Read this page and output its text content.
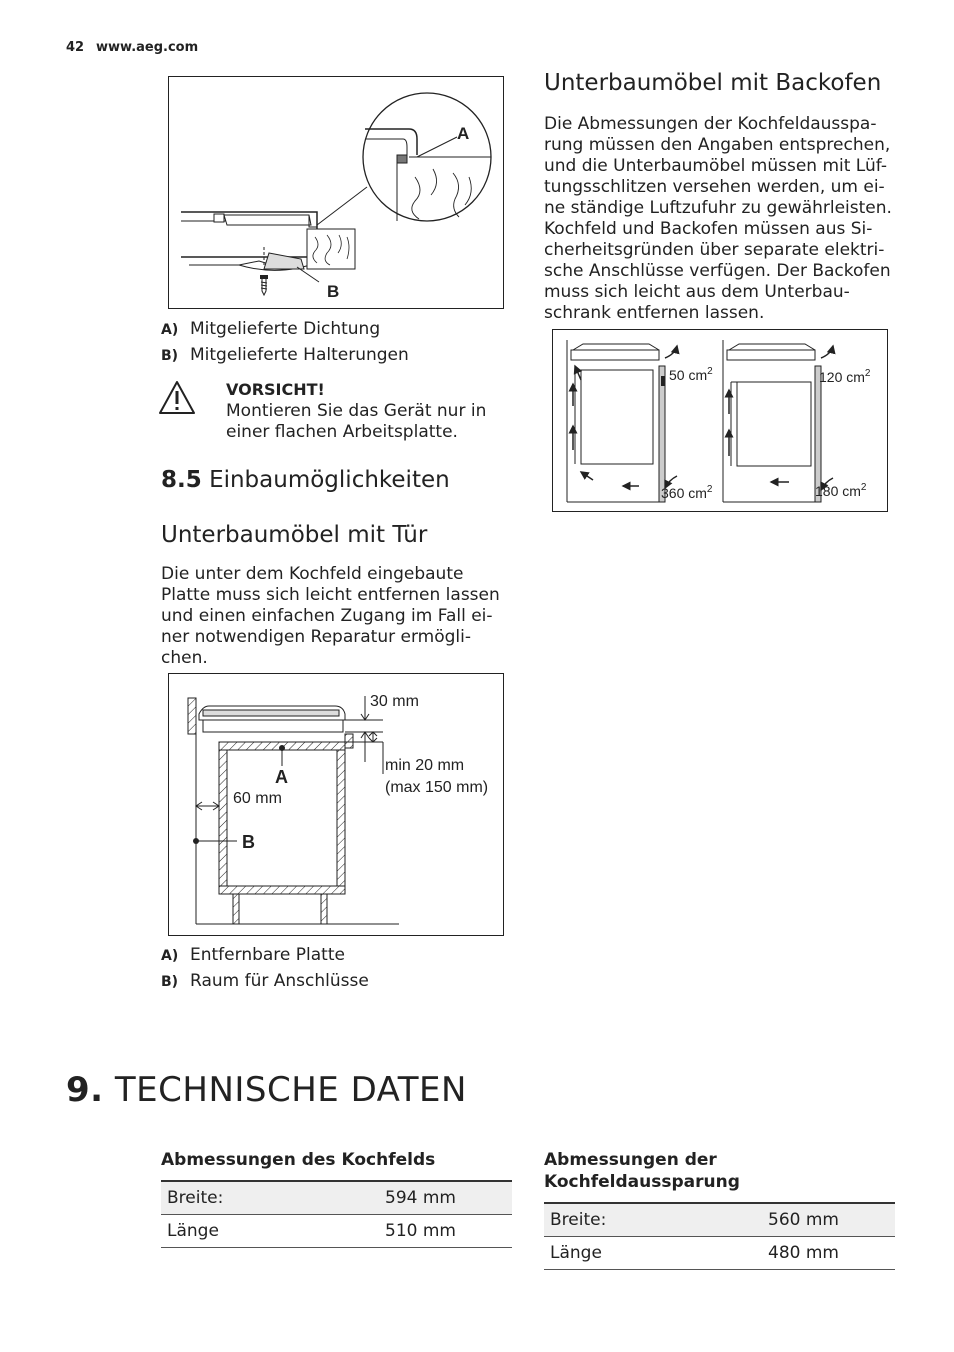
42 www.aeg.com
A
B
A) Mitgelieferte Dichtung
B) Mitgelieferte Halterungen
VORSICHT!
Montieren Sie das Gerät nur in
einer flachen Arbeitsplatte.
8.5 Einbaumöglichkeiten
Unterbaumöbel mit Tür
Die unter dem Kochfeld eingebaute
Platte muss sich leicht entfernen lassen
und einen einfachen Zugang im Fall ei-
ner notwendigen Reparatur ermögli-
chen.
30 mm
min 20 mm
(max 150 mm)
60 mm
A
B
A) Entfernbare Platte
B) Raum für Anschlüsse
Unterbaumöbel mit Backofen
Die Abmessungen der Kochfeldausspa-
rung müssen den Angaben entsprechen,
und die Unterbaumöbel müssen mit Lüf-
tungsschlitzen versehen werden, um ei-
ne ständige Luftzufuhr zu gewährleisten.
Kochfeld und Backofen müssen aus Si-
cherheitsgründen über separate elektri-
sche Anschlüsse verfügen. Der Backofen
muss sich leicht aus dem Unterbau-
schrank entfernen lassen.
50 $cm^2$
360 $cm^2$
120 $cm^2$
180 $cm^2$
9. TECHNISCHE DATEN
Abmessungen des Kochfelds
Breite:	594 mm
Länge	510 mm
Abmessungen der
Kochfeldaussparung
Breite:	560 mm
Länge	480 mm
